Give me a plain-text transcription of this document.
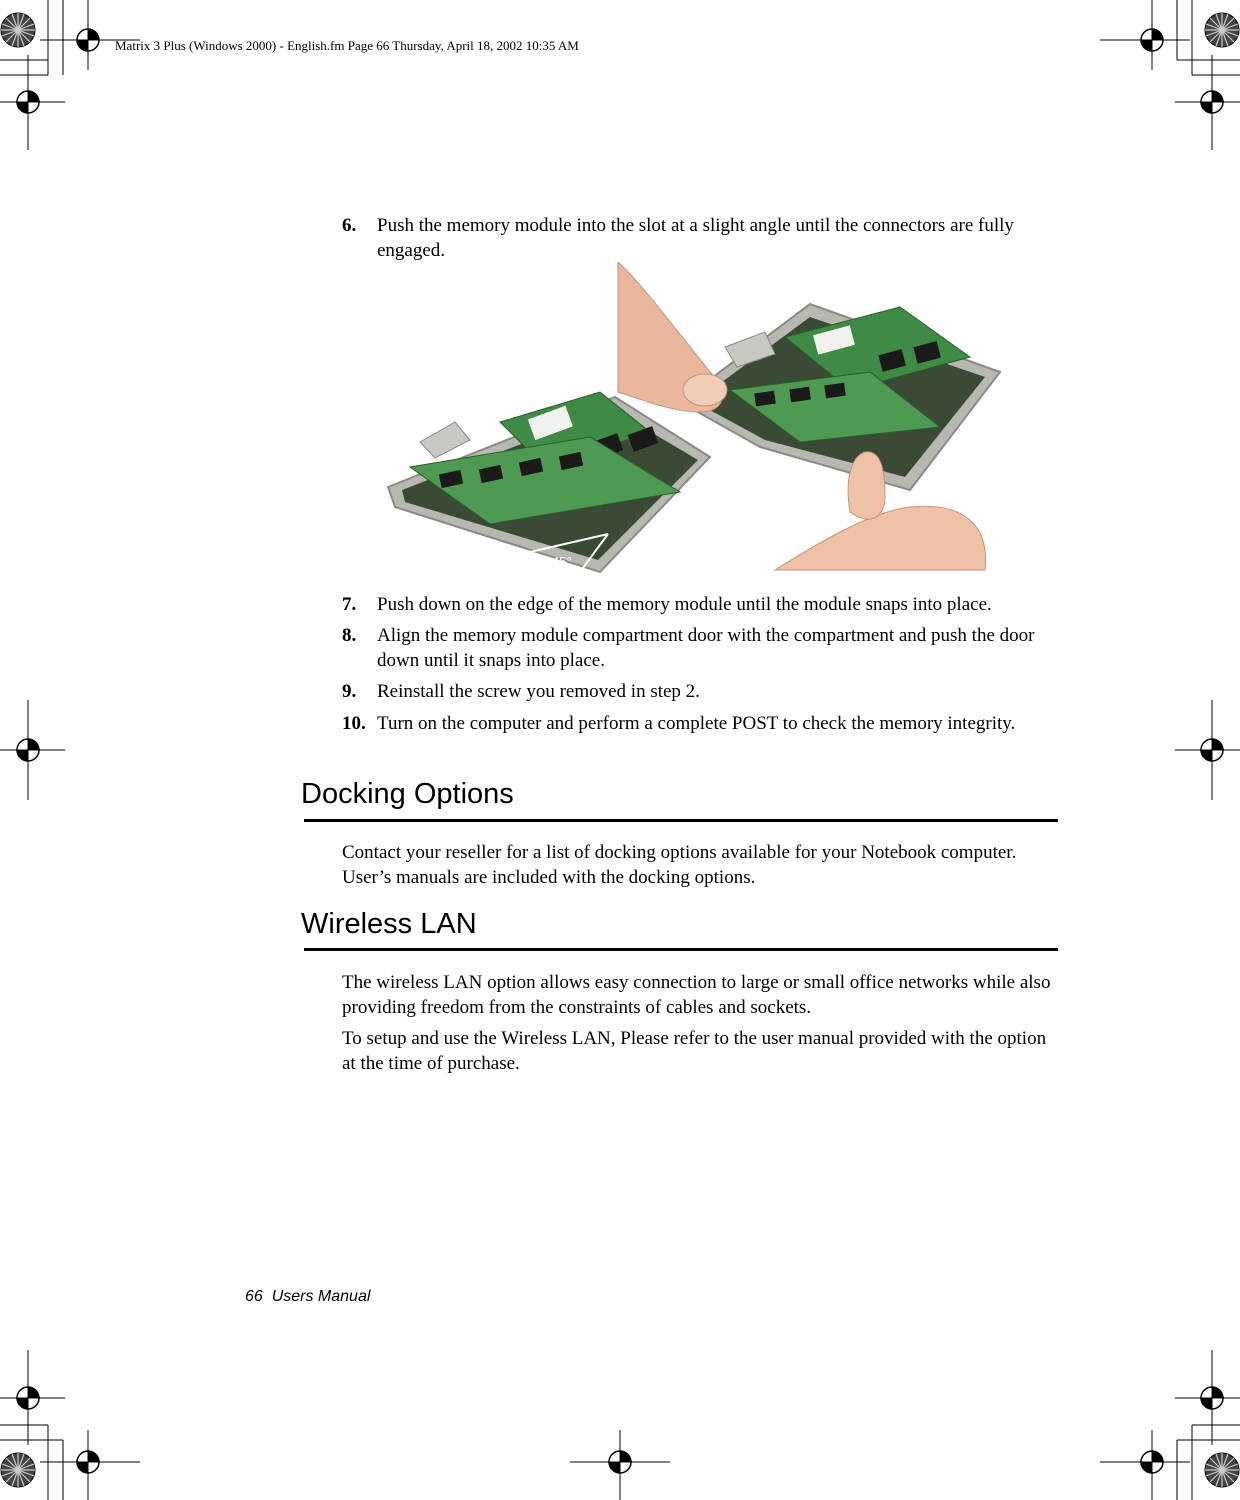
Matrix 3 Plus (Windows 2000) - English.fm Page 66 Thursday, April 18, 2002 10:35 AM
6. Push the memory module into the slot at a slight angle until the connectors are fully engaged.
45°
7. Push down on the edge of the memory module until the module snaps into place.
8. Align the memory module compartment door with the compartment and push the door down until it snaps into place.
9. Reinstall the screw you removed in step 2.
10. Turn on the computer and perform a complete POST to check the memory integrity.
Docking Options
Contact your reseller for a list of docking options available for your Notebook computer. User’s manuals are included with the docking options.
Wireless LAN
The wireless LAN option allows easy connection to large or small office networks while also providing freedom from the constraints of cables and sockets.
To setup and use the Wireless LAN, Please refer to the user manual provided with the option at the time of purchase.
66 Users Manual
